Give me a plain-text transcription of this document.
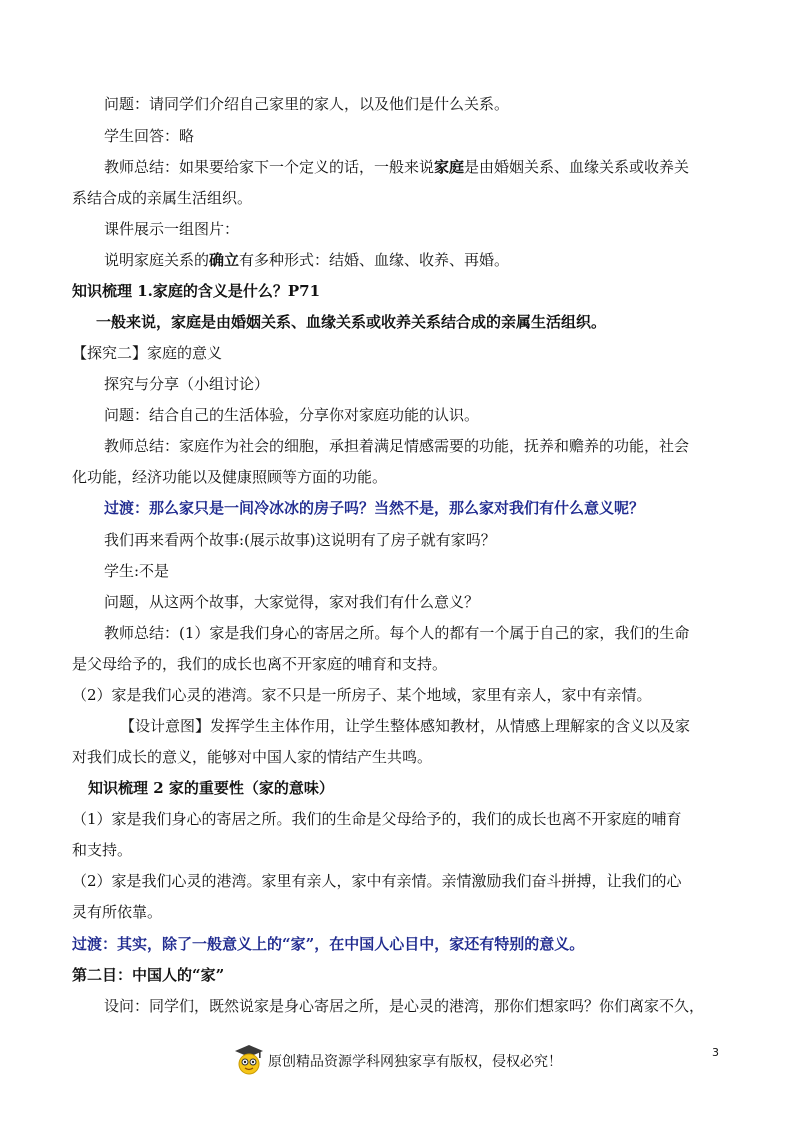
问题：请同学们介绍自己家里的家人，以及他们是什么关系。
学生回答：略
教师总结：如果要给家下一个定义的话，一般来说家庭是由婚姻关系、血缘关系或收养关
系结合成的亲属生活组织。
课件展示一组图片：
说明家庭关系的确立有多种形式：结婚、血缘、收养、再婚。
知识梳理 1.家庭的含义是什么？P71
一般来说，家庭是由婚姻关系、血缘关系或收养关系结合成的亲属生活组织。
【探究二】家庭的意义
探究与分享（小组讨论）
问题：结合自己的生活体验，分享你对家庭功能的认识。
教师总结：家庭作为社会的细胞，承担着满足情感需要的功能，抚养和赡养的功能，社会
化功能，经济功能以及健康照顾等方面的功能。
过渡：那么家只是一间冷冰冰的房子吗？当然不是，那么家对我们有什么意义呢？
我们再来看两个故事:(展示故事)这说明有了房子就有家吗？
学生:不是
问题，从这两个故事，大家觉得，家对我们有什么意义？
教师总结：(1）家是我们身心的寄居之所。每个人的都有一个属于自己的家，我们的生命
是父母给予的，我们的成长也离不开家庭的哺育和支持。
（2）家是我们心灵的港湾。家不只是一所房子、某个地域，家里有亲人，家中有亲情。
【设计意图】发挥学生主体作用，让学生整体感知教材，从情感上理解家的含义以及家
对我们成长的意义，能够对中国人家的情结产生共鸣。
知识梳理 2 家的重要性（家的意味）
（1）家是我们身心的寄居之所。我们的生命是父母给予的，我们的成长也离不开家庭的哺育
和支持。
（2）家是我们心灵的港湾。家里有亲人，家中有亲情。亲情激励我们奋斗拼搏，让我们的心
灵有所依靠。
过渡：其实，除了一般意义上的“家”，在中国人心目中，家还有特别的意义。
第二目：中国人的“家”
设问：同学们，既然说家是身心寄居之所，是心灵的港湾，那你们想家吗？你们离家不久，
原创精品资源学科网独家享有版权，侵权必究！
3
